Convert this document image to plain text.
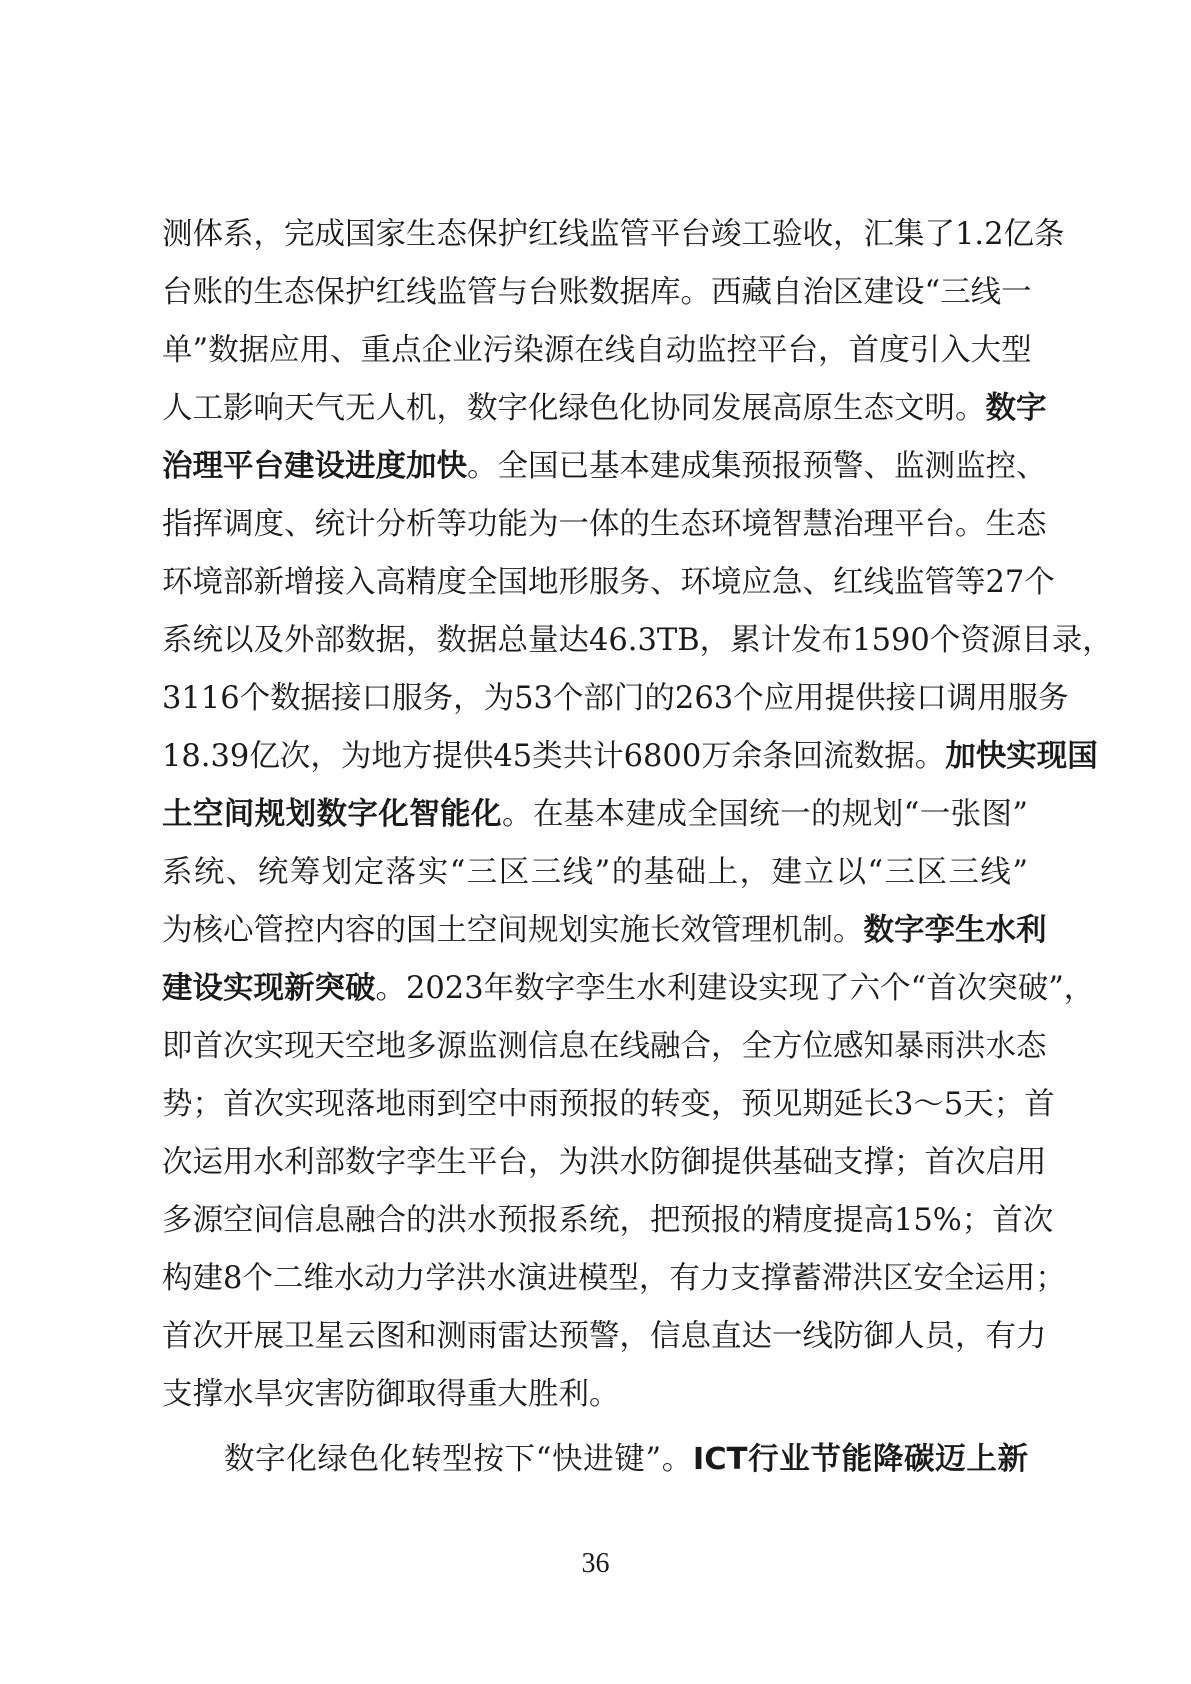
测体系，完成国家生态保护红线监管平台竣工验收，汇集了1.2亿条
台账的生态保护红线监管与台账数据库。西藏自治区建设“三线一
单”数据应用、重点企业污染源在线自动监控平台，首度引入大型
人工影响天气无人机，数字化绿色化协同发展高原生态文明。数字
治理平台建设进度加快。全国已基本建成集预报预警、监测监控、
指挥调度、统计分析等功能为一体的生态环境智慧治理平台。生态
环境部新增接入高精度全国地形服务、环境应急、红线监管等27个
系统以及外部数据，数据总量达46.3TB，累计发布1590个资源目录，
3116个数据接口服务，为53个部门的263个应用提供接口调用服务
18.39亿次，为地方提供45类共计6800万余条回流数据。加快实现国
土空间规划数字化智能化。在基本建成全国统一的规划“一张图”
系统、统筹划定落实“三区三线”的基础上，建立以“三区三线”
为核心管控内容的国土空间规划实施长效管理机制。数字孪生水利
建设实现新突破。2023年数字孪生水利建设实现了六个“首次突破”，
即首次实现天空地多源监测信息在线融合，全方位感知暴雨洪水态
势；首次实现落地雨到空中雨预报的转变，预见期延长3～5天；首
次运用水利部数字孪生平台，为洪水防御提供基础支撑；首次启用
多源空间信息融合的洪水预报系统，把预报的精度提高15%；首次
构建8个二维水动力学洪水演进模型，有力支撑蓄滞洪区安全运用；
首次开展卫星云图和测雨雷达预警，信息直达一线防御人员，有力
支撑水旱灾害防御取得重大胜利。
数字化绿色化转型按下“快进键”。ICT行业节能降碳迈上新
36
